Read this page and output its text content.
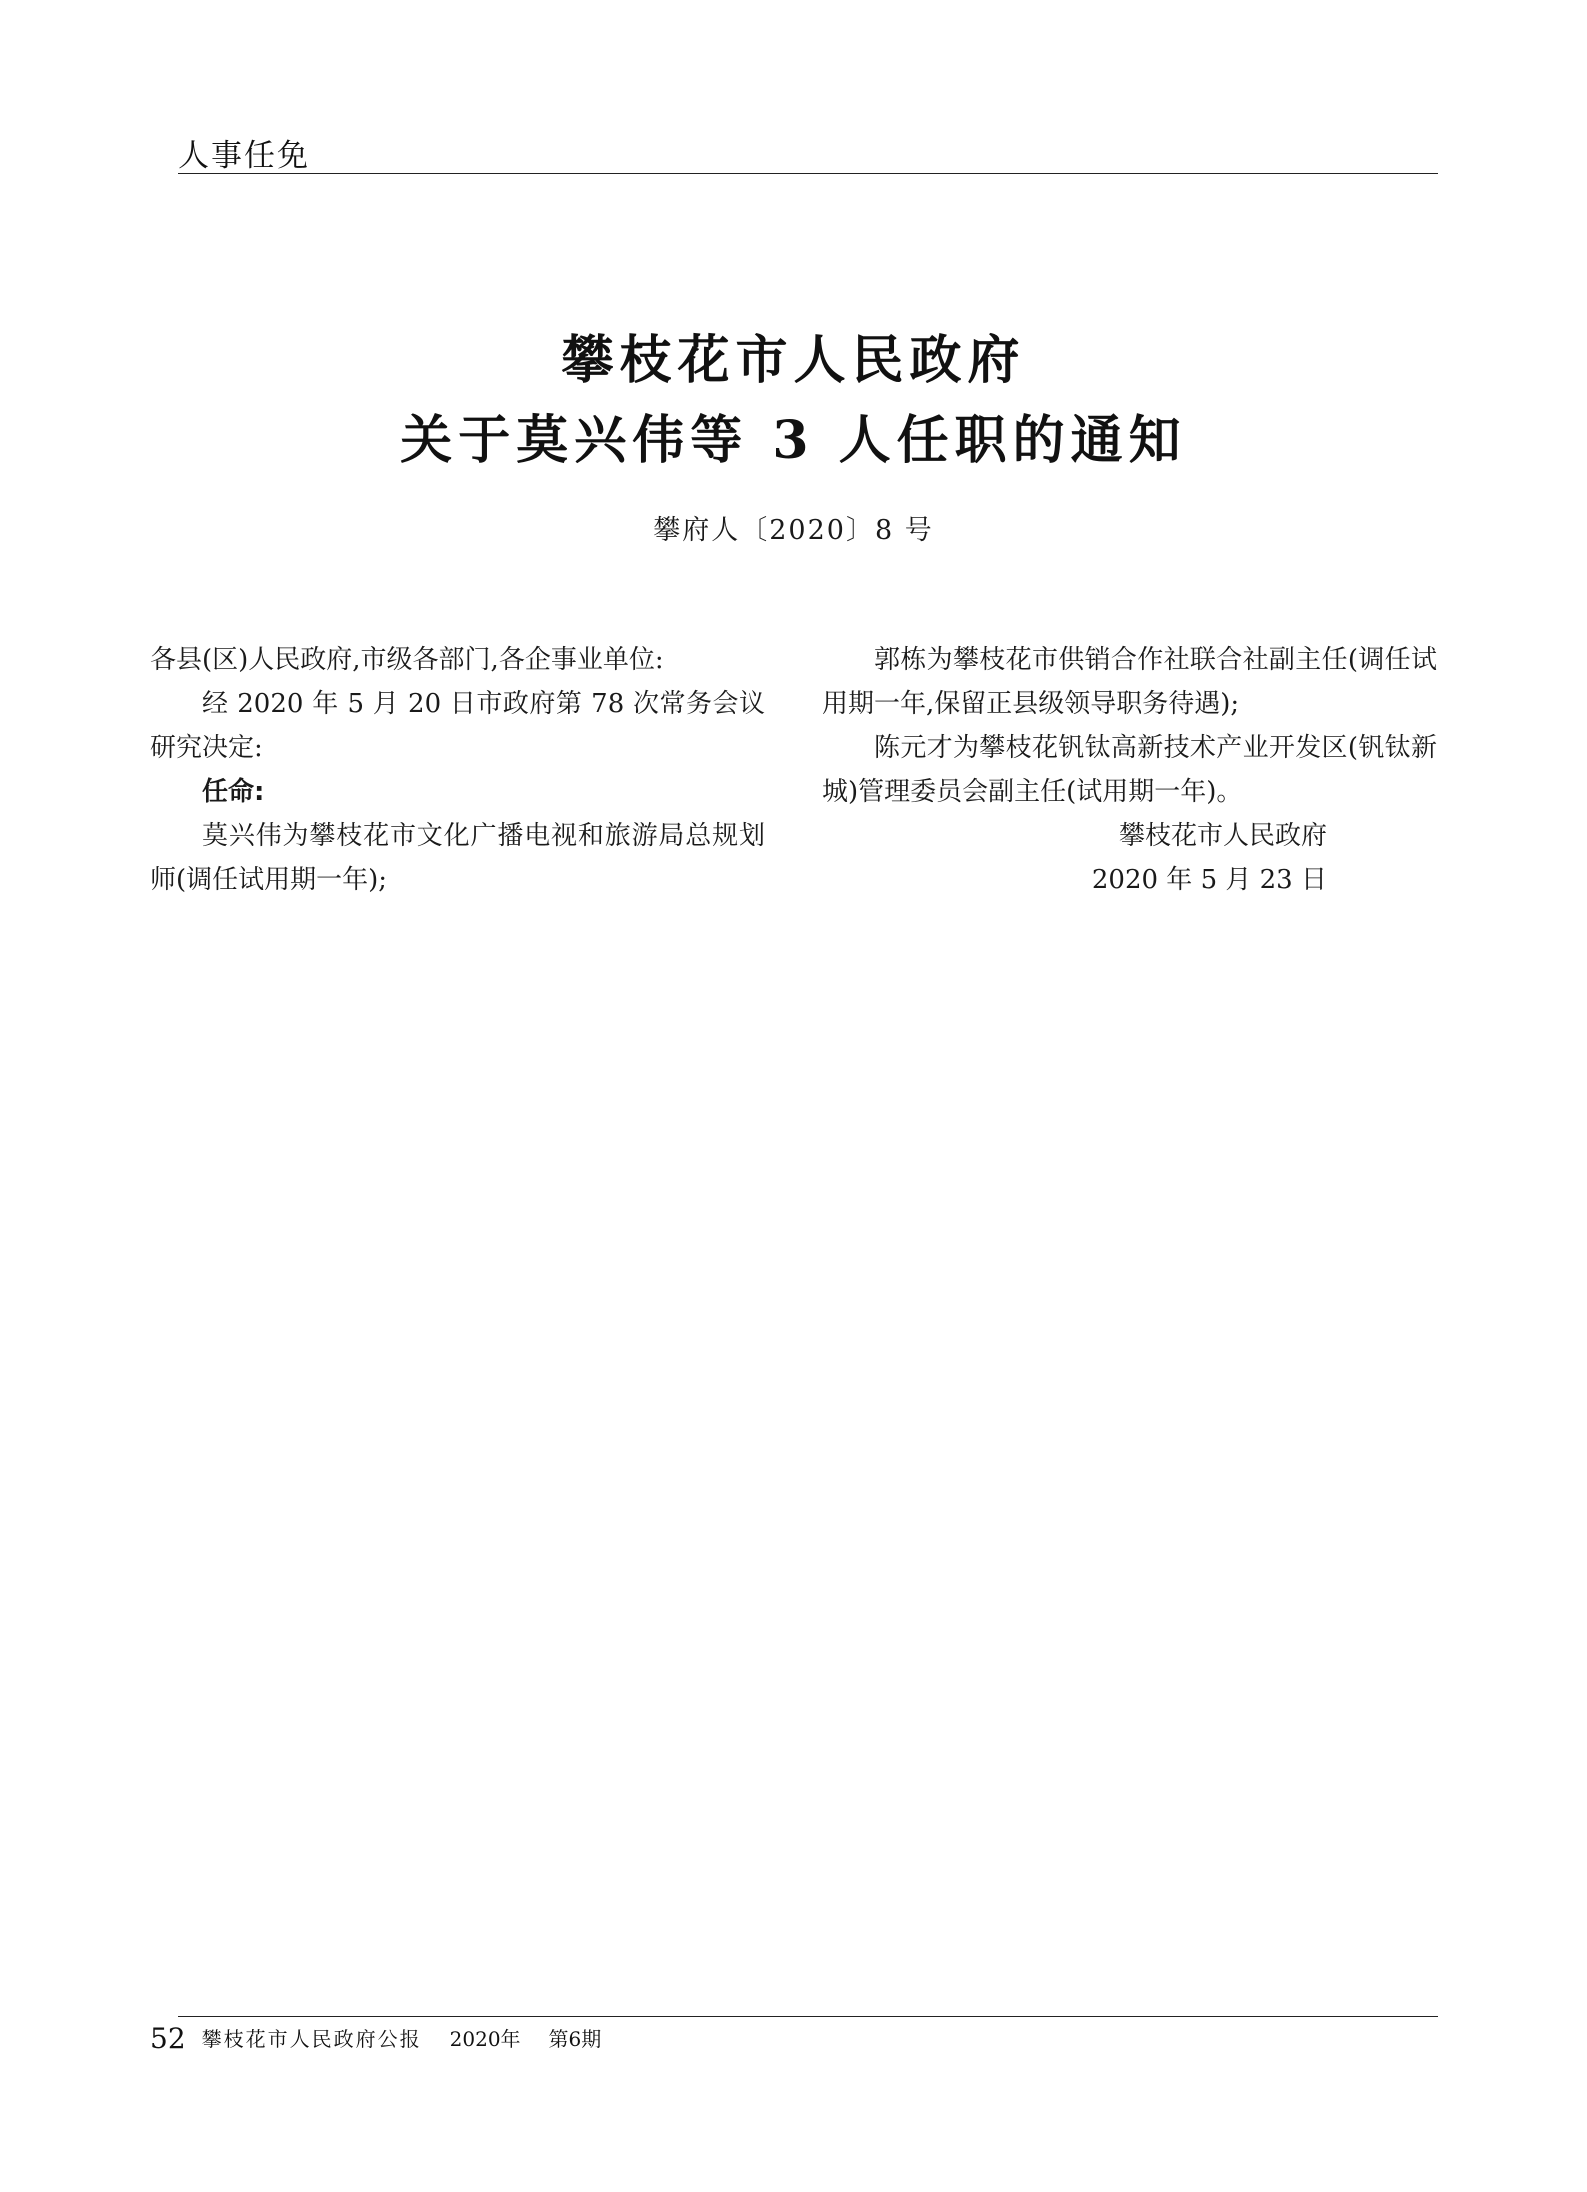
人事任免
攀枝花市人民政府
关于莫兴伟等 3 人任职的通知
攀府人〔2020〕8 号

各县(区)人民政府,市级各部门,各企事业单位:

经 2020 年 5 月 20 日市政府第 78 次常务会议研究决定:

任命:

莫兴伟为攀枝花市文化广播电视和旅游局总规划师(调任试用期一年);

郭栋为攀枝花市供销合作社联合社副主任(调任试用期一年,保留正县级领导职务待遇);

陈元才为攀枝花钒钛高新技术产业开发区(钒钛新城)管理委员会副主任(试用期一年)。

攀枝花市人民政府

2020 年 5 月 23 日

52 攀枝花市人民政府公报 2020年 第6期
